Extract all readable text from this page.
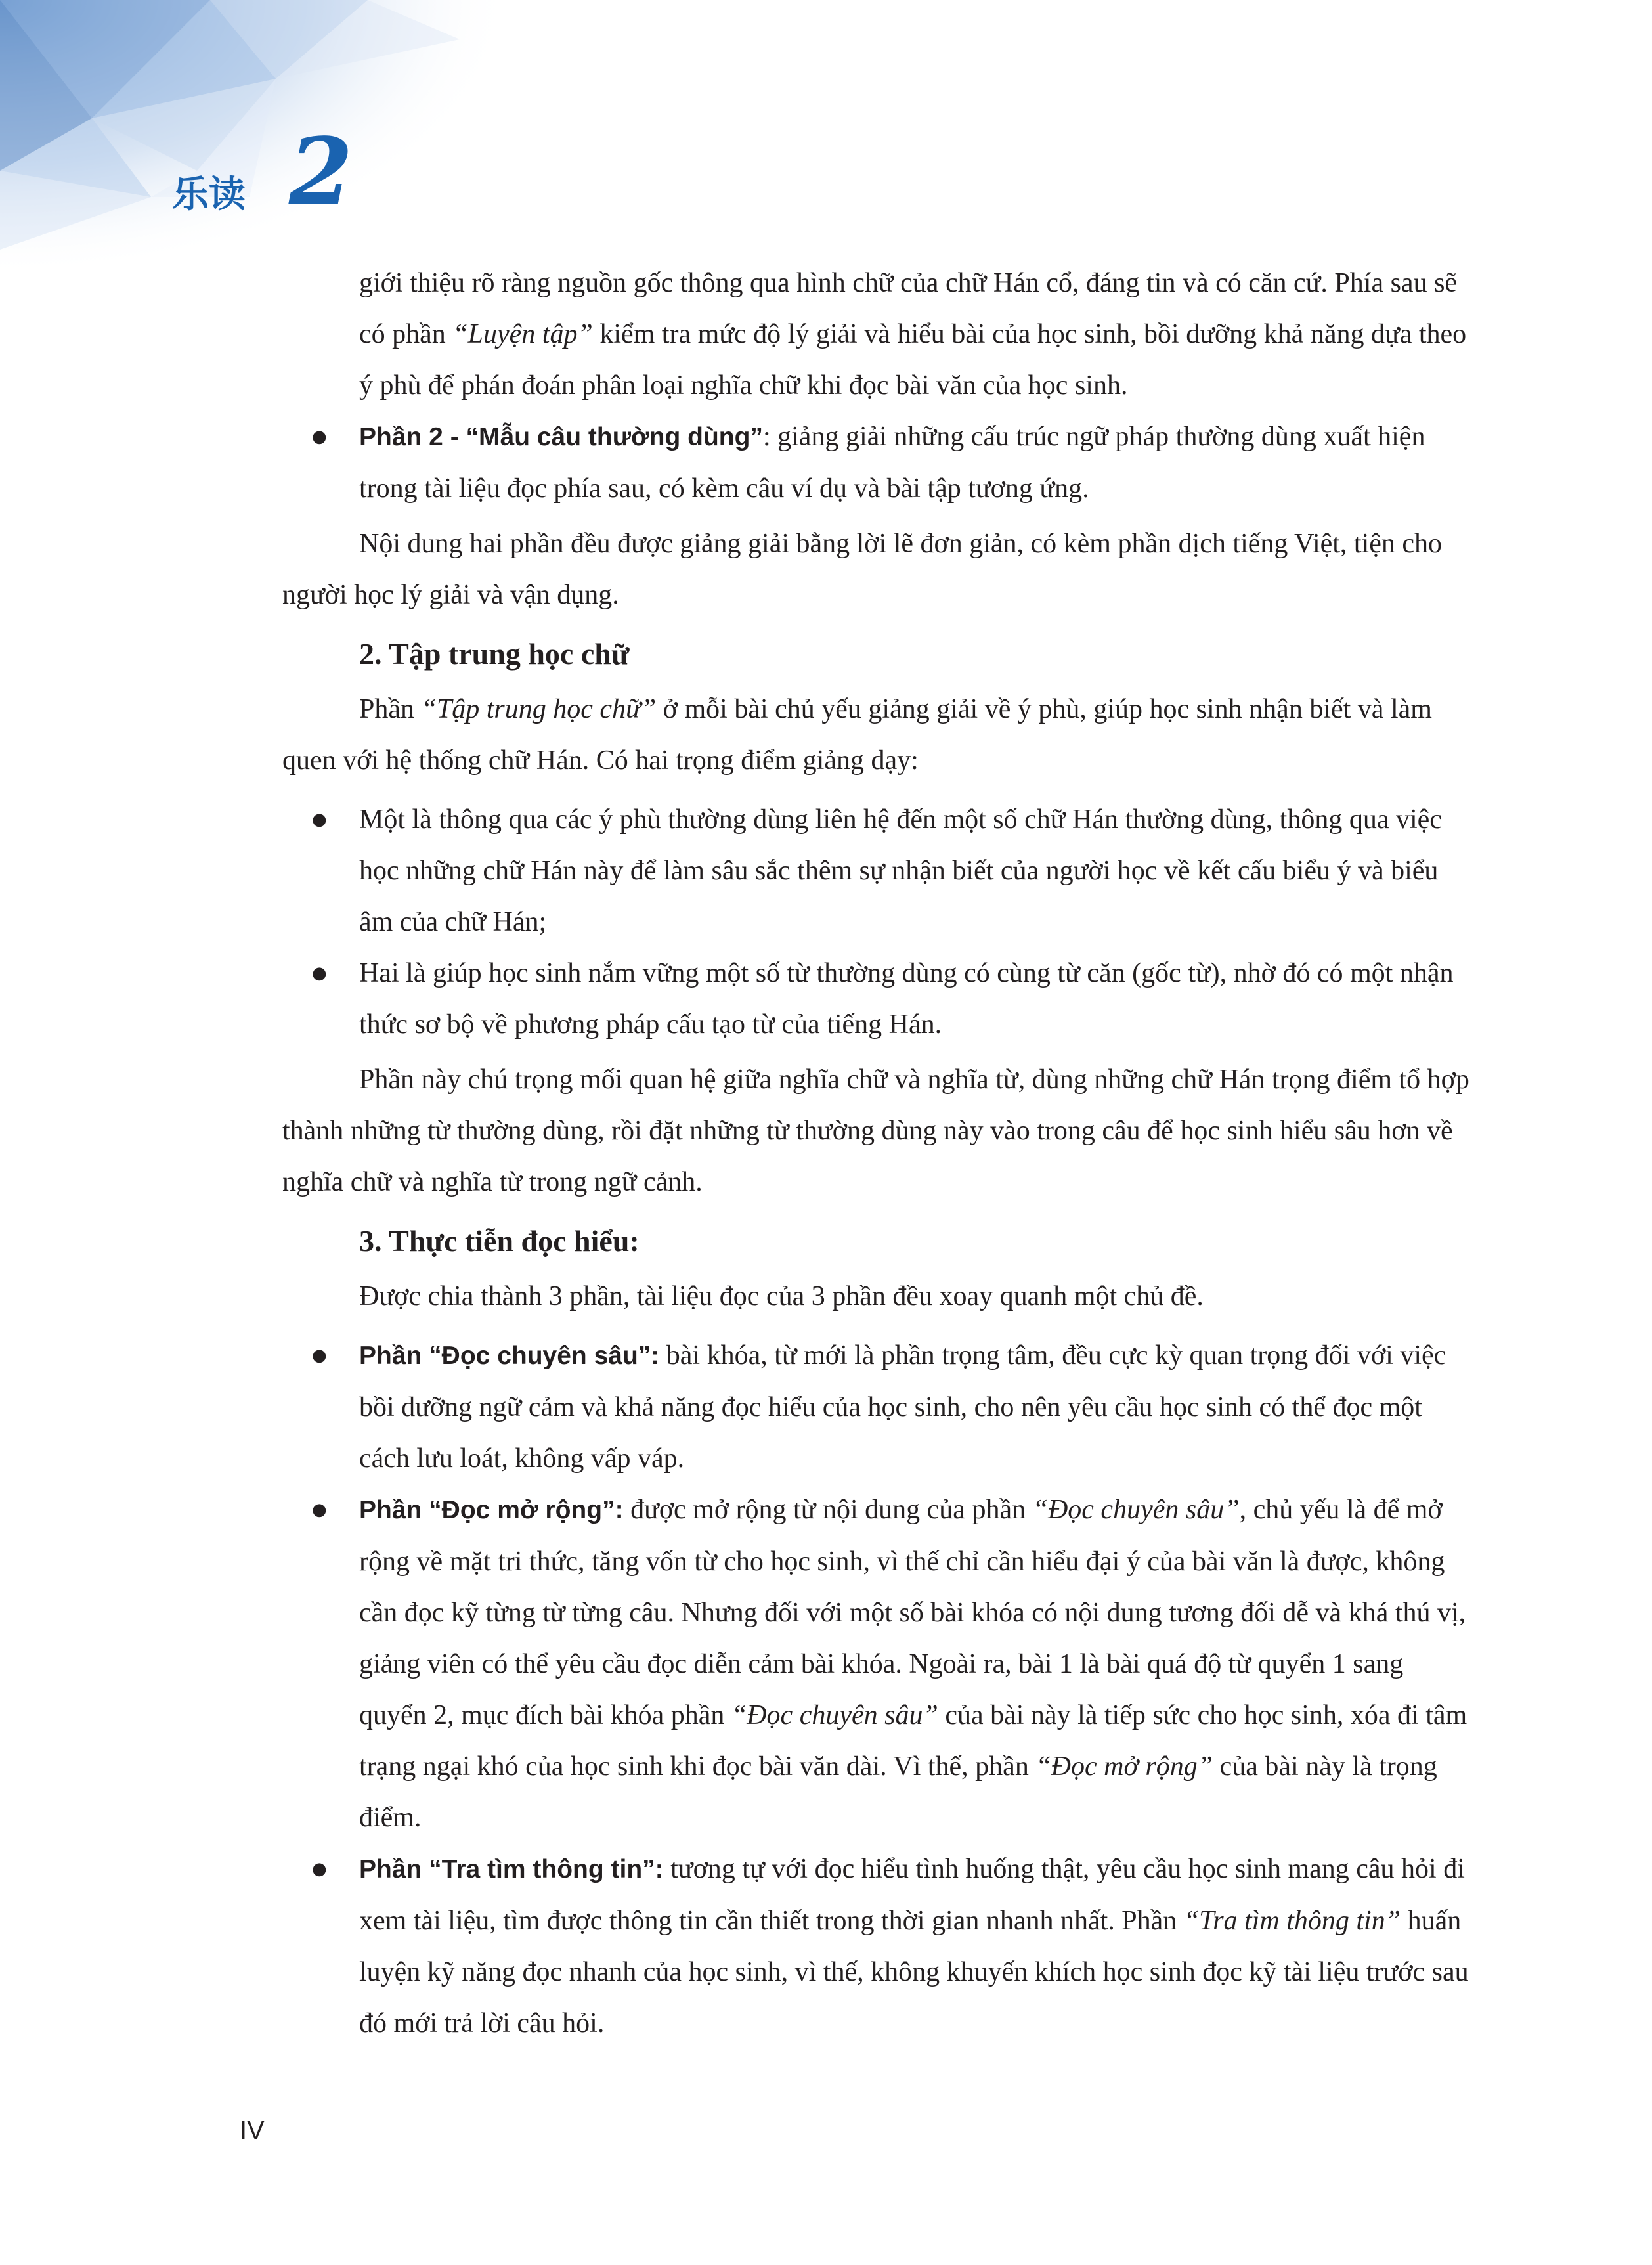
乐读 2

giới thiệu rõ ràng nguồn gốc thông qua hình chữ của chữ Hán cổ, đáng tin và có căn cứ. Phía sau sẽ có phần “Luyện tập” kiểm tra mức độ lý giải và hiểu bài của học sinh, bồi dưỡng khả năng dựa theo ý phù để phán đoán phân loại nghĩa chữ khi đọc bài văn của học sinh.

● Phần 2 - “Mẫu câu thường dùng”: giảng giải những cấu trúc ngữ pháp thường dùng xuất hiện trong tài liệu đọc phía sau, có kèm câu ví dụ và bài tập tương ứng.

Nội dung hai phần đều được giảng giải bằng lời lẽ đơn giản, có kèm phần dịch tiếng Việt, tiện cho người học lý giải và vận dụng.

2. Tập trung học chữ

Phần “Tập trung học chữ” ở mỗi bài chủ yếu giảng giải về ý phù, giúp học sinh nhận biết và làm quen với hệ thống chữ Hán. Có hai trọng điểm giảng dạy:

● Một là thông qua các ý phù thường dùng liên hệ đến một số chữ Hán thường dùng, thông qua việc học những chữ Hán này để làm sâu sắc thêm sự nhận biết của người học về kết cấu biểu ý và biểu âm của chữ Hán;
● Hai là giúp học sinh nắm vững một số từ thường dùng có cùng từ căn (gốc từ), nhờ đó có một nhận thức sơ bộ về phương pháp cấu tạo từ của tiếng Hán.

Phần này chú trọng mối quan hệ giữa nghĩa chữ và nghĩa từ, dùng những chữ Hán trọng điểm tổ hợp thành những từ thường dùng, rồi đặt những từ thường dùng này vào trong câu để học sinh hiểu sâu hơn về nghĩa chữ và nghĩa từ trong ngữ cảnh.

3. Thực tiễn đọc hiểu:

Được chia thành 3 phần, tài liệu đọc của 3 phần đều xoay quanh một chủ đề.

● Phần “Đọc chuyên sâu”: bài khóa, từ mới là phần trọng tâm, đều cực kỳ quan trọng đối với việc bồi dưỡng ngữ cảm và khả năng đọc hiểu của học sinh, cho nên yêu cầu học sinh có thể đọc một cách lưu loát, không vấp váp.
● Phần “Đọc mở rộng”: được mở rộng từ nội dung của phần “Đọc chuyên sâu”, chủ yếu là để mở rộng về mặt tri thức, tăng vốn từ cho học sinh, vì thế chỉ cần hiểu đại ý của bài văn là được, không cần đọc kỹ từng từ từng câu. Nhưng đối với một số bài khóa có nội dung tương đối dễ và khá thú vị, giảng viên có thể yêu cầu đọc diễn cảm bài khóa. Ngoài ra, bài 1 là bài quá độ từ quyển 1 sang quyển 2, mục đích bài khóa phần “Đọc chuyên sâu” của bài này là tiếp sức cho học sinh, xóa đi tâm trạng ngại khó của học sinh khi đọc bài văn dài. Vì thế, phần “Đọc mở rộng” của bài này là trọng điểm.
● Phần “Tra tìm thông tin”: tương tự với đọc hiểu tình huống thật, yêu cầu học sinh mang câu hỏi đi xem tài liệu, tìm được thông tin cần thiết trong thời gian nhanh nhất. Phần “Tra tìm thông tin” huấn luyện kỹ năng đọc nhanh của học sinh, vì thế, không khuyến khích học sinh đọc kỹ tài liệu trước sau đó mới trả lời câu hỏi.
IV
